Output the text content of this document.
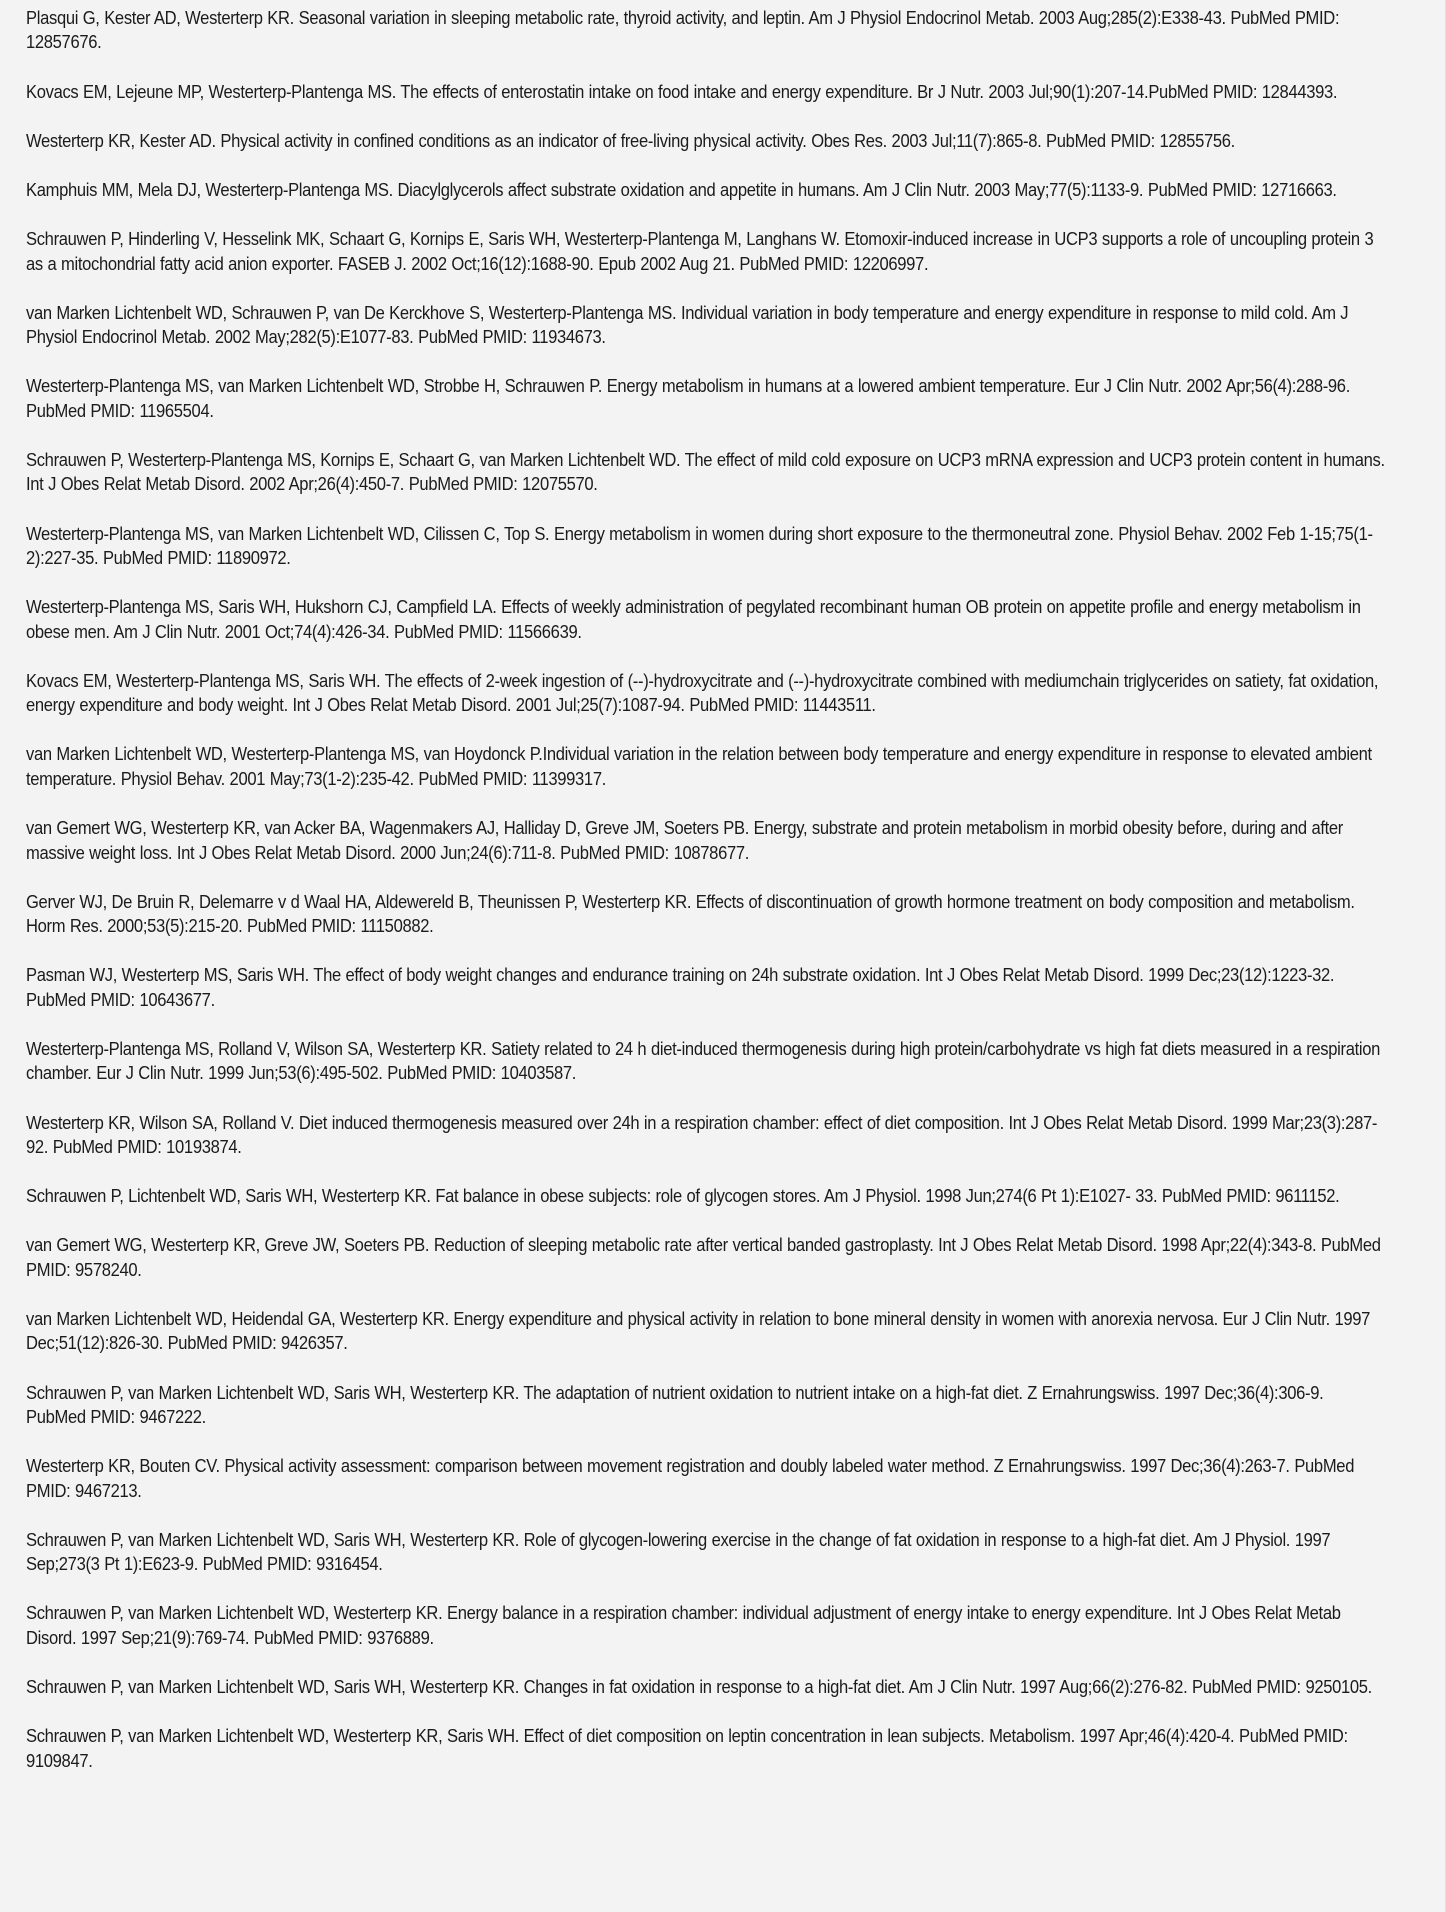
Plasqui G, Kester AD, Westerterp KR. Seasonal variation in sleeping metabolic rate, thyroid activity, and leptin. Am J Physiol Endocrinol Metab. 2003 Aug;285(2):E338-43. PubMed PMID: 12857676.
Kovacs EM, Lejeune MP, Westerterp-Plantenga MS. The effects of enterostatin intake on food intake and energy expenditure. Br J Nutr. 2003 Jul;90(1):207-14.PubMed PMID: 12844393.
Westerterp KR, Kester AD. Physical activity in confined conditions as an indicator of free-living physical activity. Obes Res. 2003 Jul;11(7):865-8. PubMed PMID: 12855756.
Kamphuis MM, Mela DJ, Westerterp-Plantenga MS. Diacylglycerols affect substrate oxidation and appetite in humans. Am J Clin Nutr. 2003 May;77(5):1133-9. PubMed PMID: 12716663.
Schrauwen P, Hinderling V, Hesselink MK, Schaart G, Kornips E, Saris WH, Westerterp-Plantenga M, Langhans W. Etomoxir-induced increase in UCP3 supports a role of uncoupling protein 3 as a mitochondrial fatty acid anion exporter. FASEB J. 2002 Oct;16(12):1688-90. Epub 2002 Aug 21. PubMed PMID: 12206997.
van Marken Lichtenbelt WD, Schrauwen P, van De Kerckhove S, Westerterp-Plantenga MS. Individual variation in body temperature and energy expenditure in response to mild cold. Am J Physiol Endocrinol Metab. 2002 May;282(5):E1077-83. PubMed PMID: 11934673.
Westerterp-Plantenga MS, van Marken Lichtenbelt WD, Strobbe H, Schrauwen P. Energy metabolism in humans at a lowered ambient temperature. Eur J Clin Nutr. 2002 Apr;56(4):288-96. PubMed PMID: 11965504.
Schrauwen P, Westerterp-Plantenga MS, Kornips E, Schaart G, van Marken Lichtenbelt WD. The effect of mild cold exposure on UCP3 mRNA expression and UCP3 protein content in humans. Int J Obes Relat Metab Disord. 2002 Apr;26(4):450-7. PubMed PMID: 12075570.
Westerterp-Plantenga MS, van Marken Lichtenbelt WD, Cilissen C, Top S. Energy metabolism in women during short exposure to the thermoneutral zone. Physiol Behav. 2002 Feb 1-15;75(1-2):227-35. PubMed PMID: 11890972.
Westerterp-Plantenga MS, Saris WH, Hukshorn CJ, Campfield LA. Effects of weekly administration of pegylated recombinant human OB protein on appetite profile and energy metabolism in obese men. Am J Clin Nutr. 2001 Oct;74(4):426-34. PubMed PMID: 11566639.
Kovacs EM, Westerterp-Plantenga MS, Saris WH. The effects of 2-week ingestion of (--)-hydroxycitrate and (--)-hydroxycitrate combined with mediumchain triglycerides on satiety, fat oxidation, energy expenditure and body weight. Int J Obes Relat Metab Disord. 2001 Jul;25(7):1087-94. PubMed PMID: 11443511.
van Marken Lichtenbelt WD, Westerterp-Plantenga MS, van Hoydonck P.Individual variation in the relation between body temperature and energy expenditure in response to elevated ambient temperature. Physiol Behav. 2001 May;73(1-2):235-42. PubMed PMID: 11399317.
van Gemert WG, Westerterp KR, van Acker BA, Wagenmakers AJ, Halliday D, Greve JM, Soeters PB. Energy, substrate and protein metabolism in morbid obesity before, during and after massive weight loss. Int J Obes Relat Metab Disord. 2000 Jun;24(6):711-8. PubMed PMID: 10878677.
Gerver WJ, De Bruin R, Delemarre v d Waal HA, Aldewereld B, Theunissen P, Westerterp KR. Effects of discontinuation of growth hormone treatment on body composition and metabolism. Horm Res. 2000;53(5):215-20. PubMed PMID: 11150882.
Pasman WJ, Westerterp MS, Saris WH. The effect of body weight changes and endurance training on 24h substrate oxidation. Int J Obes Relat Metab Disord. 1999 Dec;23(12):1223-32. PubMed PMID: 10643677.
Westerterp-Plantenga MS, Rolland V, Wilson SA, Westerterp KR. Satiety related to 24 h diet-induced thermogenesis during high protein/carbohydrate vs high fat diets measured in a respiration chamber. Eur J Clin Nutr. 1999 Jun;53(6):495-502. PubMed PMID: 10403587.
Westerterp KR, Wilson SA, Rolland V. Diet induced thermogenesis measured over 24h in a respiration chamber: effect of diet composition. Int J Obes Relat Metab Disord. 1999 Mar;23(3):287-92. PubMed PMID: 10193874.
Schrauwen P, Lichtenbelt WD, Saris WH, Westerterp KR. Fat balance in obese subjects: role of glycogen stores. Am J Physiol. 1998 Jun;274(6 Pt 1):E1027- 33. PubMed PMID: 9611152.
van Gemert WG, Westerterp KR, Greve JW, Soeters PB. Reduction of sleeping metabolic rate after vertical banded gastroplasty. Int J Obes Relat Metab Disord. 1998 Apr;22(4):343-8. PubMed PMID: 9578240.
van Marken Lichtenbelt WD, Heidendal GA, Westerterp KR. Energy expenditure and physical activity in relation to bone mineral density in women with anorexia nervosa. Eur J Clin Nutr. 1997 Dec;51(12):826-30. PubMed PMID: 9426357.
Schrauwen P, van Marken Lichtenbelt WD, Saris WH, Westerterp KR. The adaptation of nutrient oxidation to nutrient intake on a high-fat diet. Z Ernahrungswiss. 1997 Dec;36(4):306-9. PubMed PMID: 9467222.
Westerterp KR, Bouten CV. Physical activity assessment: comparison between movement registration and doubly labeled water method. Z Ernahrungswiss. 1997 Dec;36(4):263-7. PubMed PMID: 9467213.
Schrauwen P, van Marken Lichtenbelt WD, Saris WH, Westerterp KR. Role of glycogen-lowering exercise in the change of fat oxidation in response to a high-fat diet. Am J Physiol. 1997 Sep;273(3 Pt 1):E623-9. PubMed PMID: 9316454.
Schrauwen P, van Marken Lichtenbelt WD, Westerterp KR. Energy balance in a respiration chamber: individual adjustment of energy intake to energy expenditure. Int J Obes Relat Metab Disord. 1997 Sep;21(9):769-74. PubMed PMID: 9376889.
Schrauwen P, van Marken Lichtenbelt WD, Saris WH, Westerterp KR. Changes in fat oxidation in response to a high-fat diet. Am J Clin Nutr. 1997 Aug;66(2):276-82. PubMed PMID: 9250105.
Schrauwen P, van Marken Lichtenbelt WD, Westerterp KR, Saris WH. Effect of diet composition on leptin concentration in lean subjects. Metabolism. 1997 Apr;46(4):420-4. PubMed PMID: 9109847.
